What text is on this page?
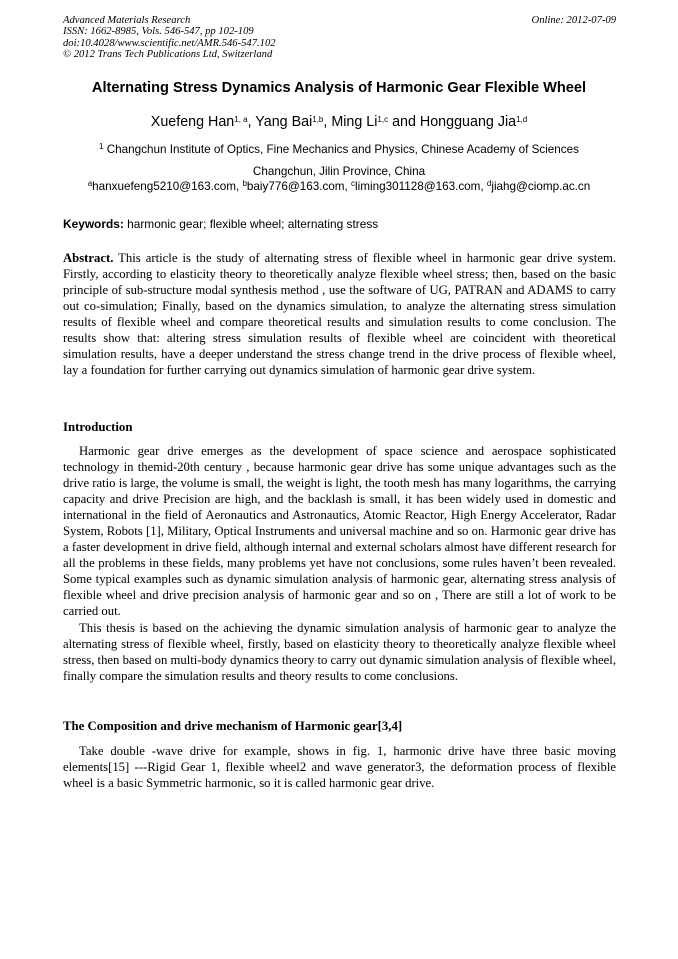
Advanced Materials Research
ISSN: 1662-8985, Vols. 546-547, pp 102-109
doi:10.4028/www.scientific.net/AMR.546-547.102
© 2012 Trans Tech Publications Ltd, Switzerland
Online: 2012-07-09
Alternating Stress Dynamics Analysis of Harmonic Gear Flexible Wheel
Xuefeng Han$^{1, a}$, Yang Bai$^{1,b}$, Ming Li$^{1,c}$ and Hongguang Jia$^{1,d}$
$^1$ Changchun Institute of Optics, Fine Mechanics and Physics, Chinese Academy of Sciences
Changchun, Jilin Province, China
$^a$hanxuefeng5210@163.com, $^b$baiy776@163.com, $^c$liming301128@163.com, $^d$jiahg@ciomp.ac.cn
Keywords: harmonic gear; flexible wheel; alternating stress

Abstract. This article is the study of alternating stress of flexible wheel in harmonic gear drive system. Firstly, according to elasticity theory to theoretically analyze flexible wheel stress; then, based on the basic principle of sub-structure modal synthesis method , use the software of UG, PATRAN and ADAMS to carry out co-simulation; Finally, based on the dynamics simulation, to analyze the alternating stress simulation results of flexible wheel and compare theoretical results and simulation results to come conclusion. The results show that: altering stress simulation results of flexible wheel are coincident with theoretical simulation results, have a deeper understand the stress change trend in the drive process of flexible wheel, lay a foundation for further carrying out dynamics simulation of harmonic gear drive system.

Introduction

Harmonic gear drive emerges as the development of space science and aerospace sophisticated technology in themid-20th century , because harmonic gear drive has some unique advantages such as the drive ratio is large, the volume is small, the weight is light, the tooth mesh has many logarithms, the carrying capacity and drive Precision are high, and the backlash is small, it has been widely used in domestic and international in the field of Aeronautics and Astronautics, Atomic Reactor, High Energy Accelerator, Radar System, Robots [1], Military, Optical Instruments and universal machine and so on. Harmonic gear drive has a faster development in drive field, although internal and external scholars almost have different research for all the problems in these fields, many problems yet have not conclusions, some rules haven’t been revealed. Some typical examples such as dynamic simulation analysis of harmonic gear, alternating stress analysis of flexible wheel and drive precision analysis of harmonic gear and so on , There are still a lot of work to be carried out.

This thesis is based on the achieving the dynamic simulation analysis of harmonic gear to analyze the alternating stress of flexible wheel, firstly, based on elasticity theory to theoretically analyze flexible wheel stress, then based on multi-body dynamics theory to carry out dynamic simulation analysis of flexible wheel, finally compare the simulation results and theory results to come conclusions.

The Composition and drive mechanism of Harmonic gear[3,4]

Take double -wave drive for example, shows in fig. 1, harmonic drive have three basic moving elements[15] ---Rigid Gear 1, flexible wheel2 and wave generator3, the deformation process of flexible wheel is a basic Symmetric harmonic, so it is called harmonic gear drive.
